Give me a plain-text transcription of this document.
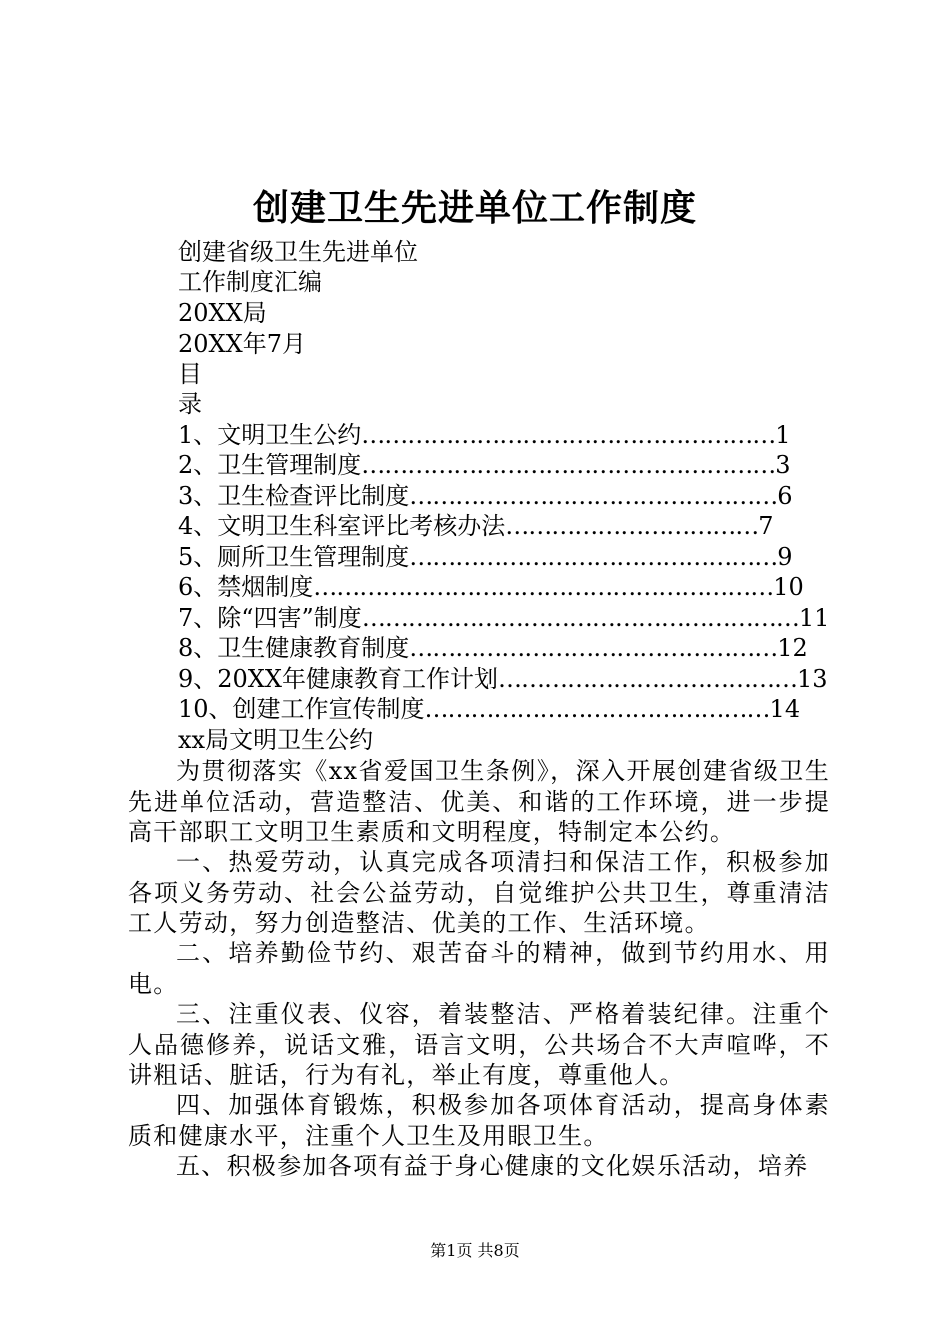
创建卫生先进单位工作制度
创建省级卫生先进单位
工作制度汇编
20XX局
20XX年7月
目
录
1、文明卫生公约………………………………………………1
2、卫生管理制度………………………………………………3
3、卫生检查评比制度…………………………………………6
4、文明卫生科室评比考核办法……………………………7
5、厕所卫生管理制度…………………………………………9
6、禁烟制度……………………………………………………10
7、除“四害”制度…………………………………………………11
8、卫生健康教育制度…………………………………………12
9、20XX年健康教育工作计划…………………………………13
10、创建工作宣传制度………………………………………14
xx局文明卫生公约
为贯彻落实《xx省爱国卫生条例》，深入开展创建省级卫生先进单位活动，营造整洁、优美、和谐的工作环境，进一步提高干部职工文明卫生素质和文明程度，特制定本公约。
一、热爱劳动，认真完成各项清扫和保洁工作，积极参加各项义务劳动、社会公益劳动，自觉维护公共卫生，尊重清洁工人劳动，努力创造整洁、优美的工作、生活环境。
二、培养勤俭节约、艰苦奋斗的精神，做到节约用水、用电。
三、注重仪表、仪容，着装整洁、严格着装纪律。注重个人品德修养，说话文雅，语言文明，公共场合不大声喧哗，不讲粗话、脏话，行为有礼，举止有度，尊重他人。
四、加强体育锻炼，积极参加各项体育活动，提高身体素质和健康水平，注重个人卫生及用眼卫生。
五、积极参加各项有益于身心健康的文化娱乐活动，培养
第1页 共8页
